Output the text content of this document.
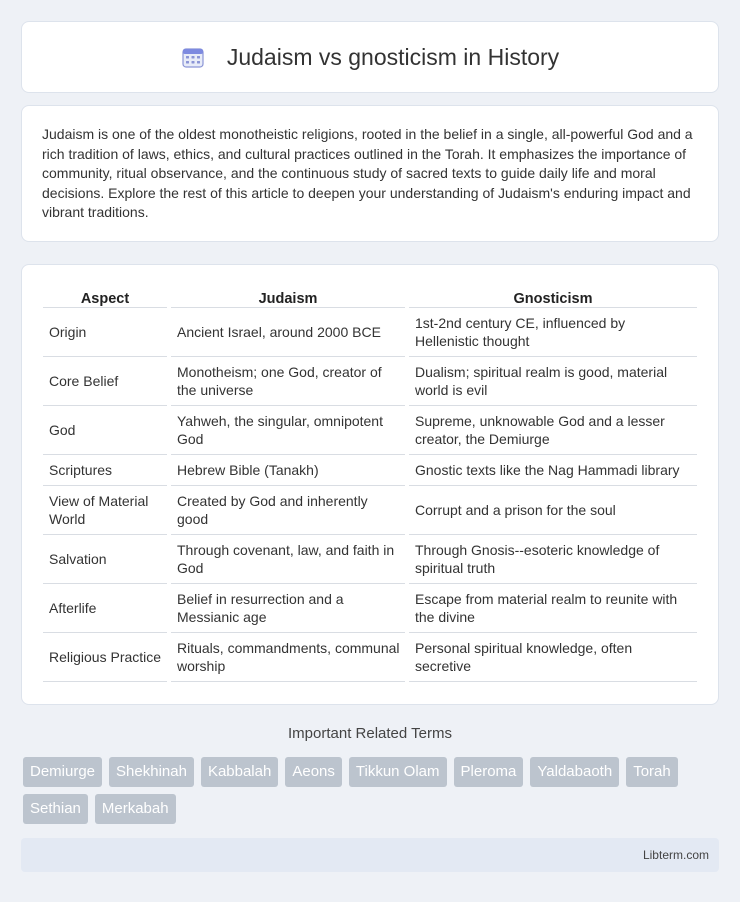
Judaism vs gnosticism in History

Judaism is one of the oldest monotheistic religions, rooted in the belief in a single, all-powerful God and a rich tradition of laws, ethics, and cultural practices outlined in the Torah. It emphasizes the importance of community, ritual observance, and the continuous study of sacred texts to guide daily life and moral decisions. Explore the rest of this article to deepen your understanding of Judaism's enduring impact and vibrant traditions.

Aspect	Judaism	Gnosticism
Origin	Ancient Israel, around 2000 BCE	1st-2nd century CE, influenced by Hellenistic thought
Core Belief	Monotheism; one God, creator of the universe	Dualism; spiritual realm is good, material world is evil
God	Yahweh, the singular, omnipotent God	Supreme, unknowable God and a lesser creator, the Demiurge
Scriptures	Hebrew Bible (Tanakh)	Gnostic texts like the Nag Hammadi library
View of Material World	Created by God and inherently good	Corrupt and a prison for the soul
Salvation	Through covenant, law, and faith in God	Through Gnosis--esoteric knowledge of spiritual truth
Afterlife	Belief in resurrection and a Messianic age	Escape from material realm to reunite with the divine
Religious Practice	Rituals, commandments, communal worship	Personal spiritual knowledge, often secretive
Important Related Terms
Demiurge	Shekhinah	Kabbalah	Aeons	Tikkun Olam	Pleroma	Yaldabaoth	Torah
Sethian	Merkabah
Libterm.com
